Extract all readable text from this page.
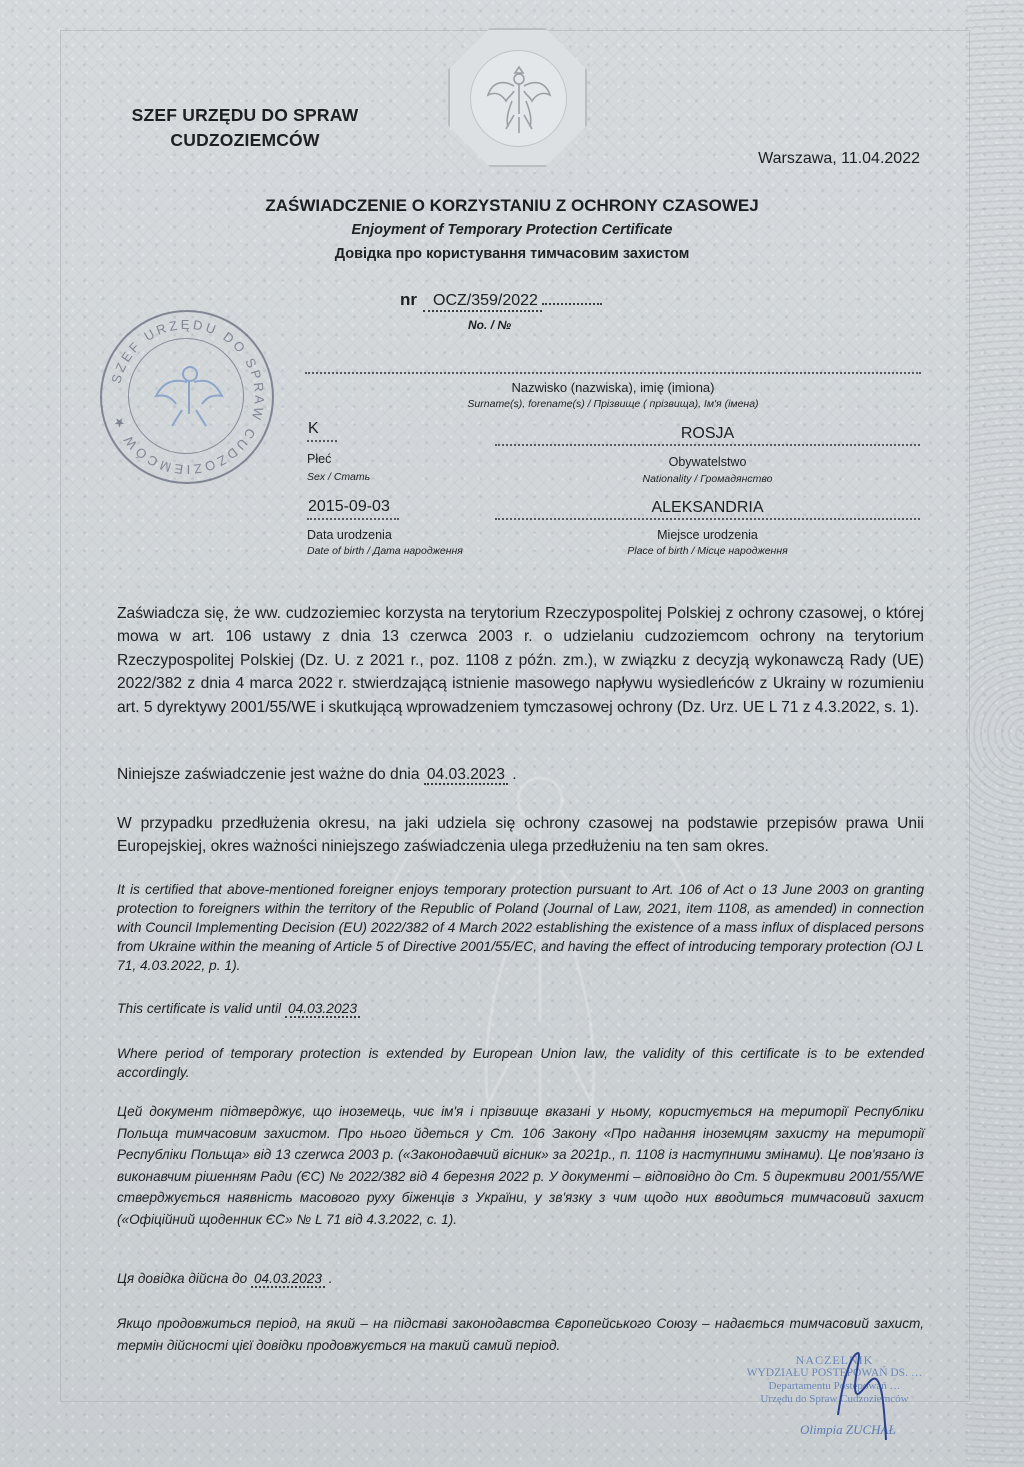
SZEF URZĘDU DO SPRAW
CUDZOZIEMCÓW
Warszawa, 11.04.2022
ZAŚWIADCZENIE O KORZYSTANIU Z OCHRONY CZASOWEJ
Enjoyment of Temporary Protection Certificate
Довідка про користування тимчасовим захистом
nr	OCZ/359/2022
No. / №
SZEF URZĘDU DO SPRAW CUDZOZIEMCÓW ★
Nazwisko (nazwiska), imię (imiona)
Surname(s), forename(s) / Прізвище ( прізвища), Ім'я (імена)
K
Płeć
Sex / Стать
ROSJA
Obywatelstwo
Nationality / Громадянство
2015-09-03
Data urodzenia
Date of birth / Дата народження
ALEKSANDRIA
Miejsce urodzenia
Place of birth / Місце народження
Zaświadcza się, że ww. cudzoziemiec korzysta na terytorium Rzeczypospolitej Polskiej z ochrony czasowej, o której mowa w art. 106 ustawy z dnia 13 czerwca 2003 r. o udzielaniu cudzoziemcom ochrony na terytorium Rzeczypospolitej Polskiej (Dz. U. z 2021 r., poz. 1108 z późn. zm.), w związku z decyzją wykonawczą Rady (UE) 2022/382 z dnia 4 marca 2022 r. stwierdzającą istnienie masowego napływu wysiedleńców z Ukrainy w rozumieniu art. 5 dyrektywy 2001/55/WE i skutkującą wprowadzeniem tymczasowej ochrony (Dz. Urz. UE L 71 z 4.3.2022, s. 1).
Niniejsze zaświadczenie jest ważne do dnia 04.03.2023 .
W przypadku przedłużenia okresu, na jaki udziela się ochrony czasowej na podstawie przepisów prawa Unii Europejskiej, okres ważności niniejszego zaświadczenia ulega przedłużeniu na ten sam okres.
It is certified that above-mentioned foreigner enjoys temporary protection pursuant to Art. 106 of Act o 13 June 2003 on granting protection to foreigners within the territory of the Republic of Poland (Journal of Law, 2021, item 1108, as amended) in connection with Council Implementing Decision (EU) 2022/382 of 4 March 2022 establishing the existence of a mass influx of displaced persons from Ukraine within the meaning of Article 5 of Directive 2001/55/EC, and having the effect of introducing temporary protection (OJ L 71, 4.03.2022, p. 1).
This certificate is valid until 04.03.2023
Where period of temporary protection is extended by European Union law, the validity of this certificate is to be extended accordingly.
Цей документ підтверджує, що іноземець, чиє ім'я і прізвище вказані у ньому, користується на території Республіки Польща тимчасовим захистом. Про нього йдеться у Ст. 106 Закону «Про надання іноземцям захисту на території Республіки Польща» від 13 czerwca 2003 р. («Законодавчий вісник» за 2021р., п. 1108 із наступними змінами). Це пов'язано із виконавчим рішенням Ради (ЄС) № 2022/382 від 4 березня 2022 р. У документі – відповідно до Ст. 5 директиви 2001/55/WE стверджується наявність масового руху біженців з України, у зв'язку з чим щодо них вводиться тимчасовий захист («Офіційний щоденник ЄС» № L 71 від 4.3.2022, с. 1).
Ця довідка дійсна до 04.03.2023 .
Якщо продовжиться період, на який – на підставі законодавства Європейського Союзу – надається тимчасовий захист, термін дійсності цієї довідки продовжується на такий самий період.
NACZELNIK
WYDZIAŁU POSTĘPOWAŃ DS. …
Departamentu Postępowań …
Urzędu do Spraw Cudzoziemców
Olimpia ZUCHAŁ
